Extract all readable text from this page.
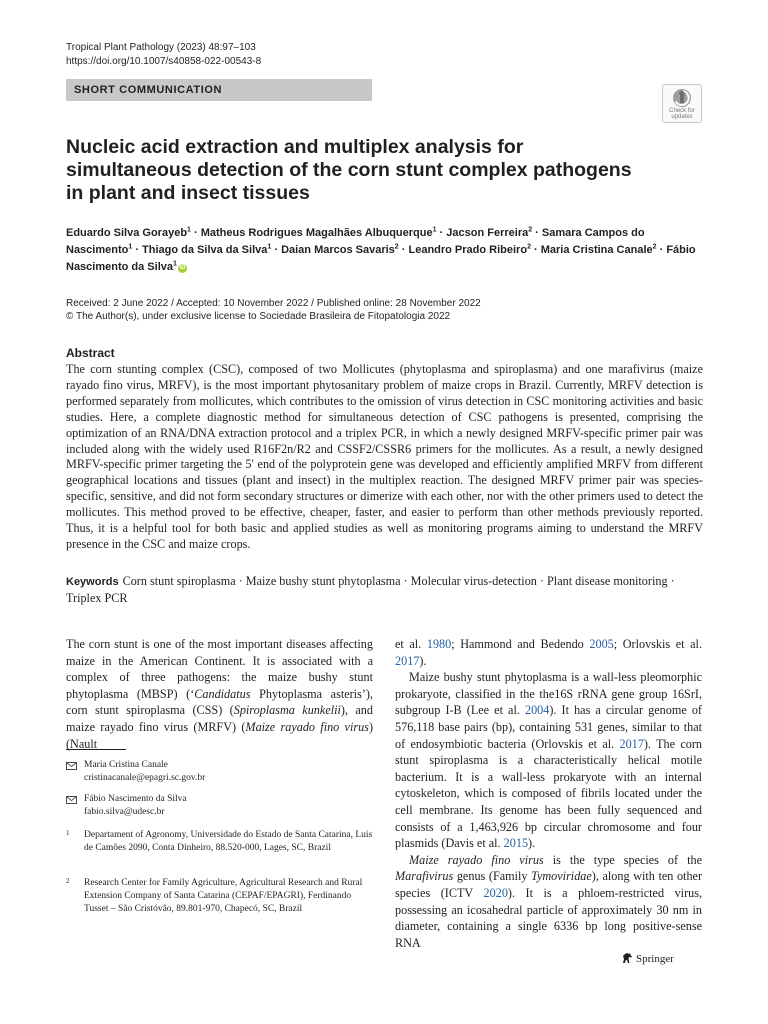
Tropical Plant Pathology (2023) 48:97–103
https://doi.org/10.1007/s40858-022-00543-8
SHORT COMMUNICATION
Check for
updates
Nucleic acid extraction and multiplex analysis for simultaneous detection of the corn stunt complex pathogens in plant and insect tissues
Eduardo Silva Gorayeb$^1$ · Matheus Rodrigues Magalhães Albuquerque$^1$ · Jacson Ferreira$^2$ · Samara Campos do Nascimento$^1$ · Thiago da Silva da Silva$^1$ · Daian Marcos Savaris$^2$ · Leandro Prado Ribeiro$^2$ · Maria Cristina Canale$^2$ · Fábio Nascimento da Silva$^1$iD
Received: 2 June 2022 / Accepted: 10 November 2022 / Published online: 28 November 2022
© The Author(s), under exclusive license to Sociedade Brasileira de Fitopatologia 2022
Abstract
The corn stunting complex (CSC), composed of two Mollicutes (phytoplasma and spiroplasma) and one marafivirus (maize rayado fino virus, MRFV), is the most important phytosanitary problem of maize crops in Brazil. Currently, MRFV detection is performed separately from mollicutes, which contributes to the omission of virus detection in CSC monitoring activities and basic studies. Here, a complete diagnostic method for simultaneous detection of CSC pathogens is presented, comprising the optimization of an RNA/DNA extraction protocol and a triplex PCR, in which a newly designed MRFV-specific primer pair was included along with the widely used R16F2n/R2 and CSSF2/CSSR6 primers for the mollicutes. As a result, a newly designed MRFV-specific primer targeting the 5′ end of the polyprotein gene was developed and efficiently amplified MRFV from different geographical locations and tissues (plant and insect) in the multiplex reaction. The designed MRFV primer pair was species-specific, sensitive, and did not form secondary structures or dimerize with each other, nor with the other primers used to detect the mollicutes. This method proved to be effective, cheaper, faster, and easier to perform than other methods previously reported. Thus, it is a helpful tool for both basic and applied studies as well as monitoring programs aiming to understand the MRFV presence in the CSC and maize crops.
Keywords Corn stunt spiroplasma · Maize bushy stunt phytoplasma · Molecular virus-detection · Plant disease monitoring · Triplex PCR
The corn stunt is one of the most important diseases affecting maize in the American Continent. It is associated with a complex of three pathogens: the maize bushy stunt phytoplasma (MBSP) (‘Candidatus Phytoplasma asteris’), corn stunt spiroplasma (CSS) (Spiroplasma kunkelii), and maize rayado fino virus (MRFV) (Maize rayado fino virus) (Nault

et al. 1980; Hammond and Bedendo 2005; Orlovskis et al. 2017).

Maize bushy stunt phytoplasma is a wall-less pleomorphic prokaryote, classified in the the16S rRNA gene group 16SrI, subgroup I-B (Lee et al. 2004). It has a circular genome of 576,118 base pairs (bp), containing 531 genes, similar to that of endosymbiotic bacteria (Orlovskis et al. 2017). The corn stunt spiroplasma is a characteristically helical motile bacterium. It is a wall-less prokaryote with an internal cytoskeleton, which is composed of fibrils located under the cell membrane. Its genome has been fully sequenced and consists of a 1,463,926 bp circular chromosome and four plasmids (Davis et al. 2015).

Maize rayado fino virus is the type species of the Marafivirus genus (Family Tymoviridae), along with ten other species (ICTV 2020). It is a phloem-restricted virus, possessing an icosahedral particle of approximately 30 nm in diameter, containing a single 6336 bp long positive-sense RNA

Maria Cristina Canale
cristinacanale@epagri.sc.gov.br
Fábio Nascimento da Silva
fabio.silva@udesc.br
1 Departament of Agronomy, Universidade do Estado de Santa Catarina, Luís de Camões 2090, Conta Dinheiro, 88.520-000, Lages, SC, Brazil
2 Research Center for Family Agriculture, Agricultural Research and Rural Extension Company of Santa Catarina (CEPAF/EPAGRI), Ferdinando Tusset – São Cristóvão, 89.801-970, Chapecó, SC, Brazil
Springer
